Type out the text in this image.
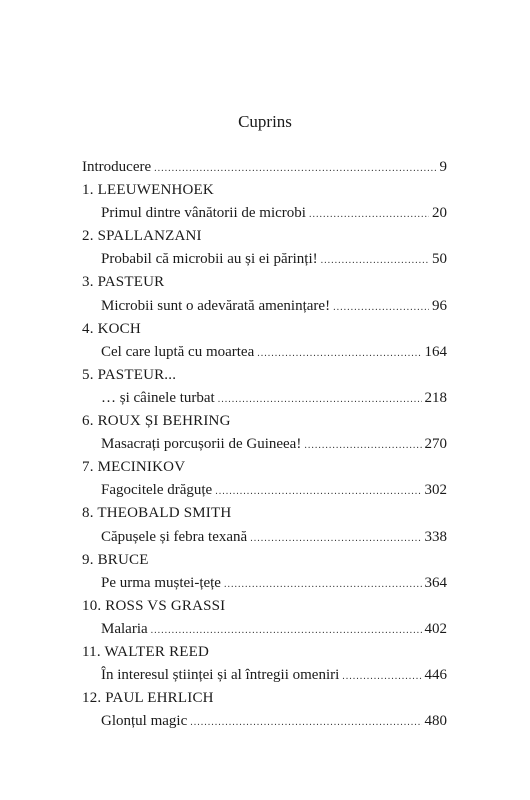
Cuprins
Introducere .....	9
1. LEEUWENHOEK
Primul dintre vânătorii de microbi .....	20
2. SPALLANZANI
Probabil că microbii au și ei părinți! .....	50
3. PASTEUR
Microbii sunt o adevărată amenințare! .....	96
4. KOCH
Cel care luptă cu moartea .....	164
5. PASTEUR...
… și câinele turbat .....	218
6. ROUX ȘI BEHRING
Masacrați porcușorii de Guineea! .....	270
7. MECINIKOV
Fagocitele drăguțe .....	302
8. THEOBALD SMITH
Căpușele și febra texană .....	338
9. BRUCE
Pe urma muștei-țețe .....	364
10. ROSS VS GRASSI
Malaria .....	402
11. WALTER REED
În interesul științei și al întregii omeniri .....	446
12. PAUL EHRLICH
Glonțul magic .....	480
